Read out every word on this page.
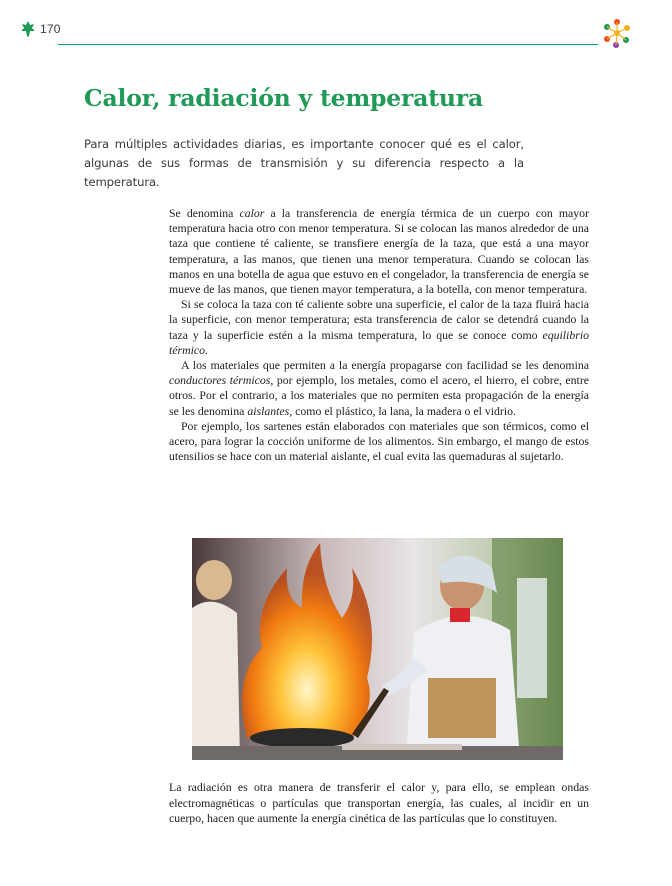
170
Calor, radiación y temperatura

Para múltiples actividades diarias, es importante conocer qué es el calor, algunas de sus formas de transmisión y su diferencia respecto a la temperatura.

Se denomina calor a la transferencia de energía térmica de un cuerpo con mayor temperatura hacia otro con menor temperatura. Si se colocan las manos alrededor de una taza que contiene té caliente, se transfiere energía de la taza, que está a una mayor temperatura, a las manos, que tienen una menor temperatura. Cuando se colocan las manos en una botella de agua que estuvo en el congelador, la transferencia de energía se mueve de las manos, que tienen mayor temperatura, a la botella, con menor temperatura.

Si se coloca la taza con té caliente sobre una superficie, el calor de la taza fluirá hacia la superficie, con menor temperatura; esta transferencia de calor se detendrá cuando la taza y la superficie estén a la misma temperatura, lo que se conoce como equilibrio térmico.

A los materiales que permiten a la energía propagarse con facilidad se les denomina conductores térmicos, por ejemplo, los metales, como el acero, el hierro, el cobre, entre otros. Por el contrario, a los materiales que no permiten esta propagación de la energía se les denomina aislantes, como el plástico, la lana, la madera o el vidrio.

Por ejemplo, los sartenes están elaborados con materiales que son térmicos, como el acero, para lograr la cocción uniforme de los alimentos. Sin embargo, el mango de estos utensilios se hace con un material aislante, el cual evita las quemaduras al sujetarlo.

La radiación es otra manera de transferir el calor y, para ello, se emplean ondas electromagnéticas o partículas que transportan energía, las cuales, al incidir en un cuerpo, hacen que aumente la energía cinética de las partículas que lo constituyen.
